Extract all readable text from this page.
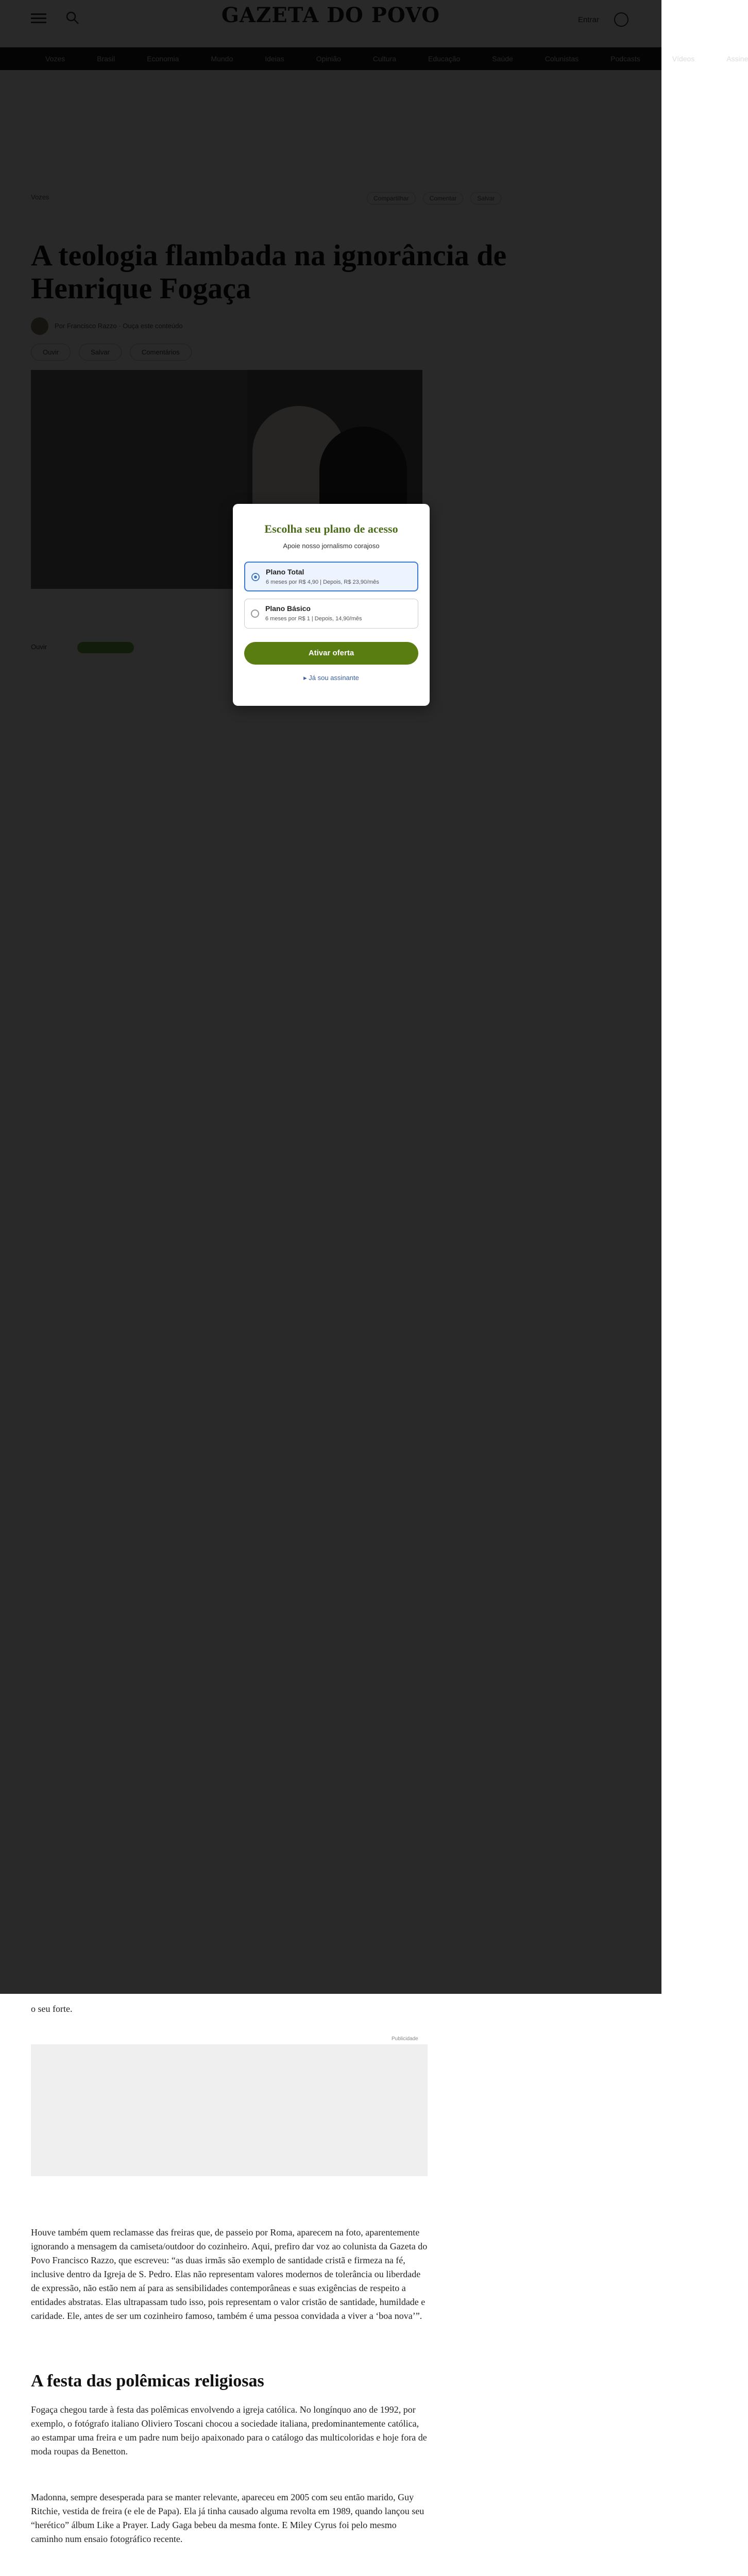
Vídeos	Assine
Escolha seu plano de acesso
Apoie nosso jornalismo corajoso
Plano Total
6 meses por R$ 4,90 | Depois, R$ 23,90/mês
Plano Básico
6 meses por R$ 1 | Depois, 14,90/mês
Ativar oferta
▸ Já sou assinante

o seu forte.

Publicidade

Houve também quem reclamasse das freiras que, de passeio por Roma, aparecem na foto, aparentemente ignorando a mensagem da camiseta/outdoor do cozinheiro. Aqui, prefiro dar voz ao colunista da Gazeta do Povo Francisco Razzo, que escreveu: “as duas irmãs são exemplo de santidade cristã e firmeza na fé, inclusive dentro da Igreja de S. Pedro. Elas não representam valores modernos de tolerância ou liberdade de expressão, não estão nem aí para as sensibilidades contemporâneas e suas exigências de respeito a entidades abstratas. Elas ultrapassam tudo isso, pois representam o valor cristão de santidade, humildade e caridade. Ele, antes de ser um cozinheiro famoso, também é uma pessoa convidada a viver a ‘boa nova’”.

A festa das polêmicas religiosas

Fogaça chegou tarde à festa das polêmicas envolvendo a igreja católica. No longínquo ano de 1992, por exemplo, o fotógrafo italiano Oliviero Toscani chocou a sociedade italiana, predominantemente católica, ao estampar uma freira e um padre num beijo apaixonado para o catálogo das multicoloridas e hoje fora de moda roupas da Benetton.

Madonna, sempre desesperada para se manter relevante, apareceu em 2005 com seu então marido, Guy Ritchie, vestida de freira (e ele de Papa). Ela já tinha causado alguma revolta em 1989, quando lançou seu “herético” álbum Like a Prayer. Lady Gaga bebeu da mesma fonte. E Miley Cyrus foi pelo mesmo caminho num ensaio fotográfico recente.
